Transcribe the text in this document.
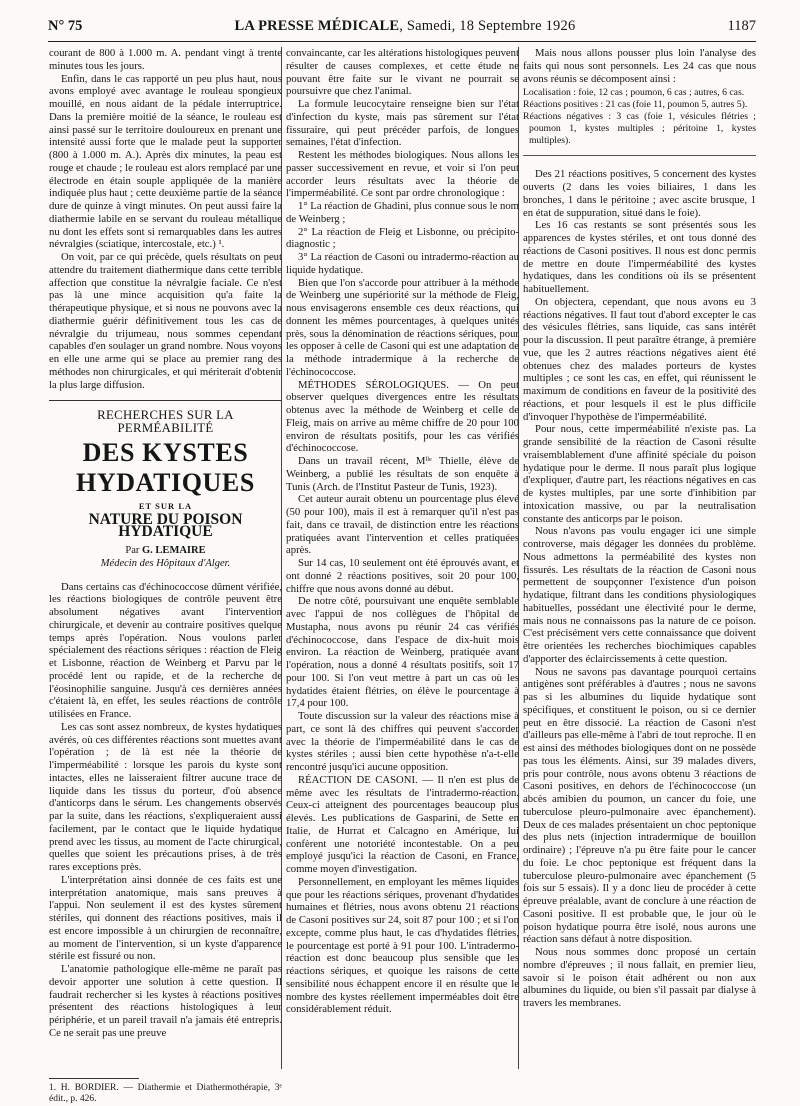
N° 75	LA PRESSE MÉDICALE, Samedi, 18 Septembre 1926	1187

courant de 800 à 1.000 m. A. pendant vingt à trente minutes tous les jours.

Enfin, dans le cas rapporté un peu plus haut, nous avons employé avec avantage le rouleau spongieux mouillé, en nous aidant de la pédale interruptrice. Dans la première moitié de la séance, le rouleau est ainsi passé sur le territoire douloureux en prenant une intensité aussi forte que le malade peut la supporter (800 à 1.000 m. A.). Après dix minutes, la peau est rouge et chaude ; le rouleau est alors remplacé par une électrode en étain souple appliquée de la manière indiquée plus haut ; cette deuxième partie de la séance dure de quinze à vingt minutes. On peut aussi faire la diathermie labile en se servant du rouleau métallique nu dont les effets sont si remarquables dans les autres névralgies (sciatique, intercostale, etc.) ¹.

On voit, par ce qui précède, quels résultats on peut attendre du traitement diathermique dans cette terrible affection que constitue la névralgie faciale. Ce n'est pas là une mince acquisition qu'a faite la thérapeutique physique, et si nous ne pouvons avec la diathermie guérir définitivement tous les cas de névralgie du trijumeau, nous sommes cependant capables d'en soulager un grand nombre. Nous voyons en elle une arme qui se place au premier rang des méthodes non chirurgicales, et qui mériterait d'obtenir la plus large diffusion.

RECHERCHES SUR LA PERMÉABILITÉ
DES KYSTES HYDATIQUES
ET SUR LA
NATURE DU POISON HYDATIQUE
Par G. LEMAIRE
Médecin des Hôpitaux d'Alger.

Dans certains cas d'échinococcose dûment vérifiée, les réactions biologiques de contrôle peuvent être absolument négatives avant l'intervention chirurgicale, et devenir au contraire positives quelque temps après l'opération. Nous voulons parler spécialement des réactions sériques : réaction de Fleig et Lisbonne, réaction de Weinberg et Parvu par le procédé lent ou rapide, et de la recherche de l'éosinophilie sanguine. Jusqu'à ces dernières années c'étaient là, en effet, les seules réactions de contrôle utilisées en France.

Les cas sont assez nombreux, de kystes hydatiques avérés, où ces différentes réactions sont muettes avant l'opération ; de là est née la théorie de l'imperméabilité : lorsque les parois du kyste sont intactes, elles ne laisseraient filtrer aucune trace de liquide dans les tissus du porteur, d'où absence d'anticorps dans le sérum. Les changements observés par la suite, dans les réactions, s'expliqueraient aussi facilement, par le contact que le liquide hydatique prend avec les tissus, au moment de l'acte chirurgical, quelles que soient les précautions prises, à de très rares exceptions près.

L'interprétation ainsi donnée de ces faits est une interprétation anatomique, mais sans preuves à l'appui. Non seulement il est des kystes sûrement stériles, qui donnent des réactions positives, mais il est encore impossible à un chirurgien de reconnaître, au moment de l'intervention, si un kyste d'apparence stérile est fissuré ou non.

L'anatomie pathologique elle-même ne paraît pas devoir apporter une solution à cette question. Il faudrait rechercher si les kystes à réactions positives présentent des réactions histologiques à leur périphérie, et un pareil travail n'a jamais été entrepris. Ce ne serait pas une preuve

1. H. BORDIER. — Diathermie et Diathermothérapie, 3ᵉ édit., p. 426.

convaincante, car les altérations histologiques peuvent résulter de causes complexes, et cette étude ne pouvant être faite sur le vivant ne pourrait se poursuivre que chez l'animal.

La formule leucocytaire renseigne bien sur l'état d'infection du kyste, mais pas sûrement sur l'état fissuraire, qui peut précéder parfois, de longues semaines, l'état d'infection.

Restent les méthodes biologiques. Nous allons les passer successivement en revue, et voir si l'on peut accorder leurs résultats avec la théorie de l'imperméabilité. Ce sont par ordre chronologique :

1° La réaction de Ghadini, plus connue sous le nom de Weinberg ;

2° La réaction de Fleig et Lisbonne, ou précipito-diagnostic ;

3° La réaction de Casoni ou intradermo-réaction au liquide hydatique.

Bien que l'on s'accorde pour attribuer à la méthode de Weinberg une supériorité sur la méthode de Fleig, nous envisagerons ensemble ces deux réactions, qui donnent les mêmes pourcentages, à quelques unités près, sous la dénomination de réactions sériques, pour les opposer à celle de Casoni qui est une adaptation de la méthode intradermique à la recherche de l'échinococcose.

MÉTHODES SÉROLOGIQUES. — On peut observer quelques divergences entre les résultats obtenus avec la méthode de Weinberg et celle de Fleig, mais on arrive au même chiffre de 20 pour 100 environ de résultats positifs, pour les cas vérifiés d'échinococcose.

Dans un travail récent, Mˡˡᵉ Thielle, élève de Weinberg, a publié les résultats de son enquête à Tunis (Arch. de l'Institut Pasteur de Tunis, 1923).

Cet auteur aurait obtenu un pourcentage plus élevé (50 pour 100), mais il est à remarquer qu'il n'est pas fait, dans ce travail, de distinction entre les réactions pratiquées avant l'intervention et celles pratiquées après.

Sur 14 cas, 10 seulement ont été éprouvés avant, et ont donné 2 réactions positives, soit 20 pour 100, chiffre que nous avons donné au début.

De notre côté, poursuivant une enquête semblable avec l'appui de nos collègues de l'hôpital de Mustapha, nous avons pu réunir 24 cas vérifiés d'échinococcose, dans l'espace de dix-huit mois environ. La réaction de Weinberg, pratiquée avant l'opération, nous a donné 4 résultats positifs, soit 17 pour 100. Si l'on veut mettre à part un cas où les hydatides étaient flétries, on élève le pourcentage à 17,4 pour 100.

Toute discussion sur la valeur des réactions mise à part, ce sont là des chiffres qui peuvent s'accorder avec la théorie de l'imperméabilité dans le cas de kystes stériles ; aussi bien cette hypothèse n'a-t-elle rencontré jusqu'ici aucune opposition.

RÉACTION DE CASONI. — Il n'en est plus de même avec les résultats de l'intradermo-réaction. Ceux-ci atteignent des pourcentages beaucoup plus élevés. Les publications de Gasparini, de Sette en Italie, de Hurrat et Calcagno en Amérique, lui confèrent une notoriété incontestable. On a peu employé jusqu'ici la réaction de Casoni, en France, comme moyen d'investigation.

Personnellement, en employant les mêmes liquides que pour les réactions sériques, provenant d'hydatides humaines et flétries, nous avons obtenu 21 réactions de Casoni positives sur 24, soit 87 pour 100 ; et si l'on excepte, comme plus haut, le cas d'hydatides flétries, le pourcentage est porté à 91 pour 100. L'intradermo-réaction est donc beaucoup plus sensible que les réactions sériques, et quoique les raisons de cette sensibilité nous échappent encore il en résulte que le nombre des kystes réellement imperméables doit être considérablement réduit.

Mais nous allons pousser plus loin l'analyse des faits qui nous sont personnels. Les 24 cas que nous avons réunis se décomposent ainsi :

Localisation : foie, 12 cas ; poumon, 6 cas ; autres, 6 cas.

Réactions positives : 21 cas (foie 11, poumon 5, autres 5).

Réactions négatives : 3 cas (foie 1, vésicules flétries ; poumon 1, kystes multiples ; péritoine 1, kystes multiples).

Des 21 réactions positives, 5 concernent des kystes ouverts (2 dans les voies biliaires, 1 dans les bronches, 1 dans le péritoine ; avec ascite brusque, 1 en état de suppuration, situé dans le foie).

Les 16 cas restants se sont présentés sous les apparences de kystes stériles, et ont tous donné des réactions de Casoni positives. Il nous est donc permis de mettre en doute l'imperméabilité des kystes hydatiques, dans les conditions où ils se présentent habituellement.

On objectera, cependant, que nous avons eu 3 réactions négatives. Il faut tout d'abord excepter le cas des vésicules flétries, sans liquide, cas sans intérêt pour la discussion. Il peut paraître étrange, à première vue, que les 2 autres réactions négatives aient été obtenues chez des malades porteurs de kystes multiples ; ce sont les cas, en effet, qui réunissent le maximum de conditions en faveur de la positivité des réactions, et pour lesquels il est le plus difficile d'invoquer l'hypothèse de l'imperméabilité.

Pour nous, cette imperméabilité n'existe pas. La grande sensibilité de la réaction de Casoni résulte vraisemblablement d'une affinité spéciale du poison hydatique pour le derme. Il nous paraît plus logique d'expliquer, d'autre part, les réactions négatives en cas de kystes multiples, par une sorte d'inhibition par intoxication massive, ou par la neutralisation constante des anticorps par le poison.

Nous n'avons pas voulu engager ici une simple controverse, mais dégager les données du problème. Nous admettons la perméabilité des kystes non fissurés. Les résultats de la réaction de Casoni nous permettent de soupçonner l'existence d'un poison hydatique, filtrant dans les conditions physiologiques habituelles, possédant une électivité pour le derme, mais nous ne connaissons pas la nature de ce poison. C'est précisément vers cette connaissance que doivent être orientées les recherches biochimiques capables d'apporter des éclaircissements à cette question.

Nous ne savons pas davantage pourquoi certains antigènes sont préférables à d'autres ; nous ne savons pas si les albumines du liquide hydatique sont spécifiques, et constituent le poison, ou si ce dernier peut en être dissocié. La réaction de Casoni n'est d'ailleurs pas elle-même à l'abri de tout reproche. Il en est ainsi des méthodes biologiques dont on ne possède pas tous les éléments. Ainsi, sur 39 malades divers, pris pour contrôle, nous avons obtenu 3 réactions de Casoni positives, en dehors de l'échinococcose (un abcès amibien du poumon, un cancer du foie, une tuberculose pleuro-pulmonaire avec épanchement). Deux de ces malades présentaient un choc peptonique des plus nets (injection intradermique de bouillon ordinaire) ; l'épreuve n'a pu être faite pour le cancer du foie. Le choc peptonique est fréquent dans la tuberculose pleuro-pulmonaire avec épanchement (5 fois sur 5 essais). Il y a donc lieu de procéder à cette épreuve préalable, avant de conclure à une réaction de Casoni positive. Il est probable que, le jour où le poison hydatique pourra être isolé, nous aurons une réaction sans défaut à notre disposition.

Nous nous sommes donc proposé un certain nombre d'épreuves ; il nous fallait, en premier lieu, savoir si le poison était adhérent ou non aux albumines du liquide, ou bien s'il passait par dialyse à travers les membranes.
